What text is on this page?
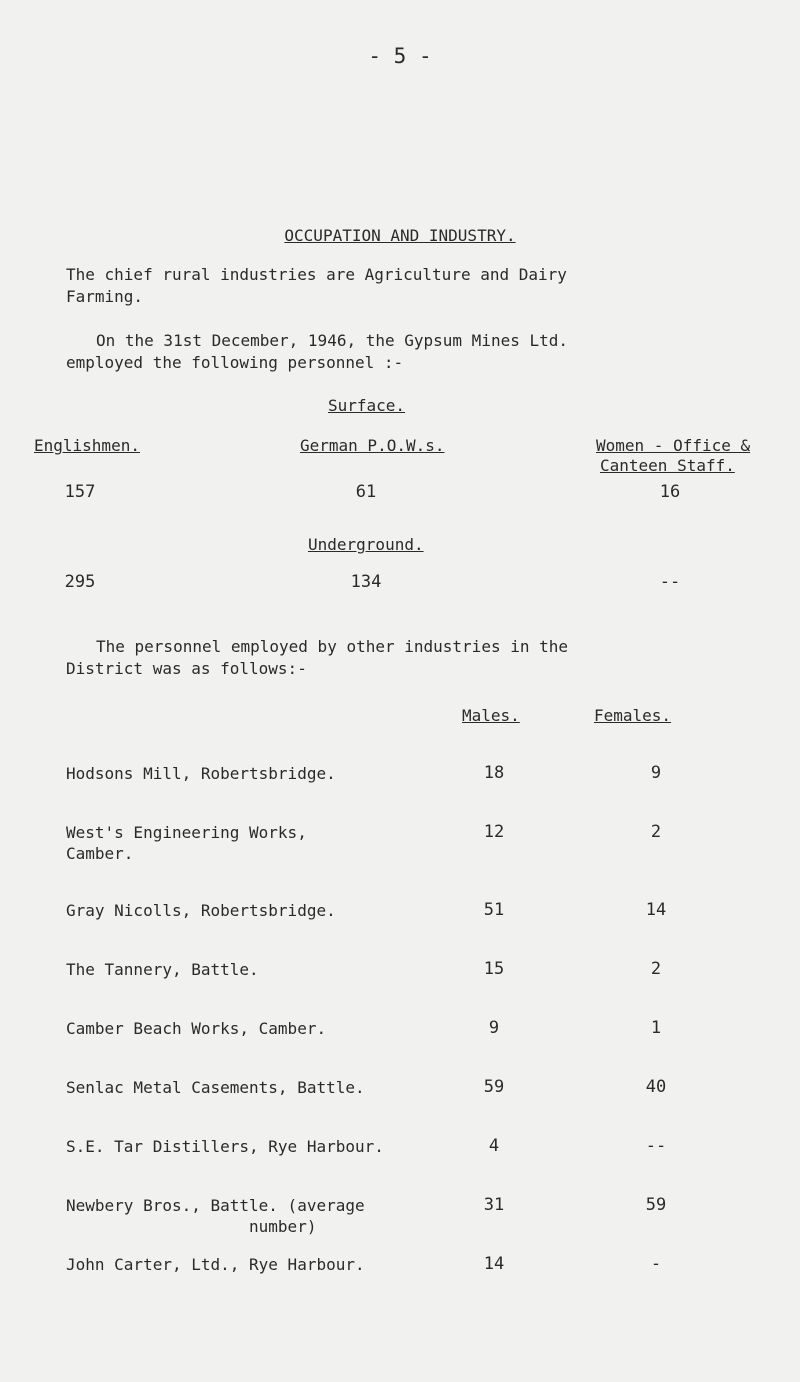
- 5 -
OCCUPATION AND INDUSTRY.
The chief rural industries are Agriculture and Dairy
Farming.
On the 31st December, 1946, the Gypsum Mines Ltd.
employed the following personnel :-
Surface.
Englishmen.	German P.O.W.s.	Women - Office &
Canteen Staff.
157	61	16
Underground.
295	134	--
The personnel employed by other industries in the
District was as follows:-
Males.	Females.
Hodsons Mill, Robertsbridge.	18	9
West's Engineering Works,
Camber.
12	2
Gray Nicolls, Robertsbridge.	51	14
The Tannery, Battle.	15	2
Camber Beach Works, Camber.	9	1
Senlac Metal Casements, Battle.	59	40
S.E. Tar Distillers, Rye Harbour.	4	--
Newbery Bros., Battle. (average
number)
31	59
John Carter, Ltd., Rye Harbour.	14	-
